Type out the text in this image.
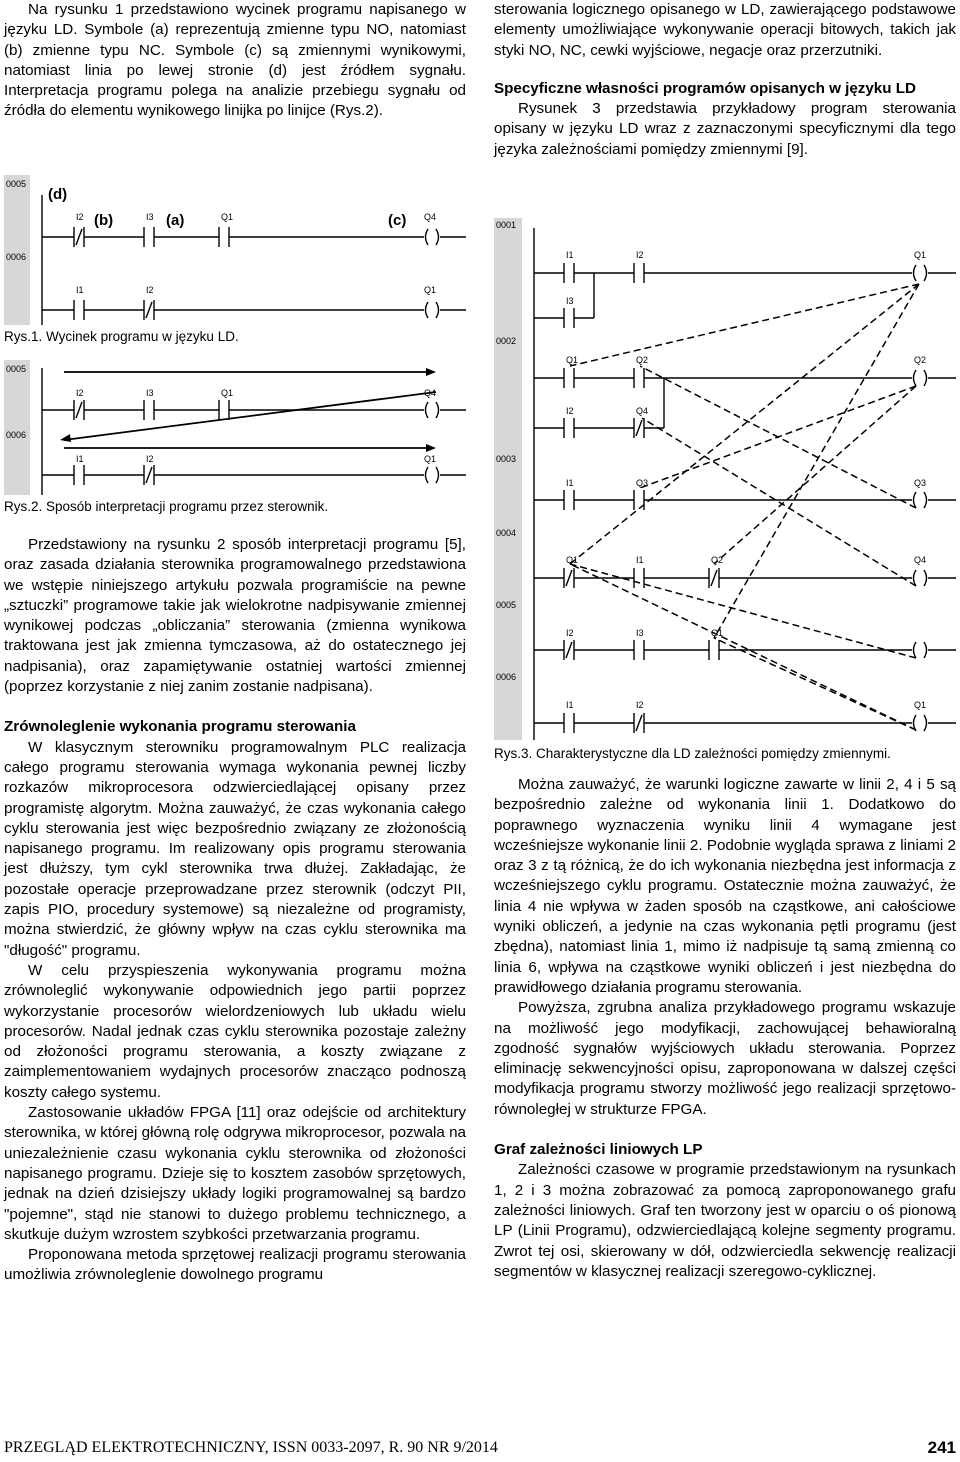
Na rysunku 1 przedstawiono wycinek programu napisanego w języku LD. Symbole (a) reprezentują zmienne typu NO, natomiast (b) zmienne typu NC. Symbole (c) są zmiennymi wynikowymi, natomiast linia po lewej stronie (d) jest źródłem sygnału. Interpretacja programu polega na analizie przebiegu sygnału od źródła do elementu wynikowego linijka po linijce (Rys.2).

0005
0006
I2	I3	Q1	Q4
I1	I2	Q1
(d)
(b)	(a)	(c)
Rys.1. Wycinek programu w języku LD.
0005
0006
I2	I3	Q1	Q4
I1	I2	Q1
Rys.2. Sposób interpretacji programu przez sterownik.

Przedstawiony na rysunku 2 sposób interpretacji programu [5], oraz zasada działania sterownika programowalnego przedstawiona we wstępie niniejszego artykułu pozwala programiście na pewne „sztuczki” programowe takie jak wielokrotne nadpisywanie zmiennej wynikowej podczas „obliczania” sterowania (zmienna wynikowa traktowana jest jak zmienna tymczasowa, aż do ostatecznego jej nadpisania), oraz zapamiętywanie ostatniej wartości zmiennej (poprzez korzystanie z niej zanim zostanie nadpisana).

Zrównoleglenie wykonania programu sterowania

W klasycznym sterowniku programowalnym PLC realizacja całego programu sterowania wymaga wykonania pewnej liczby rozkazów mikroprocesora odzwierciedlającej opisany przez programistę algorytm. Można zauważyć, że czas wykonania całego cyklu sterowania jest więc bezpośrednio związany ze złożonością napisanego programu. Im realizowany opis programu sterowania jest dłuższy, tym cykl sterownika trwa dłużej. Zakładając, że pozostałe operacje przeprowadzane przez sterownik (odczyt PII, zapis PIO, procedury systemowe) są niezależne od programisty, można stwierdzić, że główny wpływ na czas cyklu sterownika ma "długość" programu.

W celu przyspieszenia wykonywania programu można zrównoleglić wykonywanie odpowiednich jego partii poprzez wykorzystanie procesorów wielordzeniowych lub układu wielu procesorów. Nadal jednak czas cyklu sterownika pozostaje zależny od złożoności programu sterowania, a koszty związane z zaimplementowaniem wydajnych procesorów znacząco podnoszą koszty całego systemu.

Zastosowanie układów FPGA [11] oraz odejście od architektury sterownika, w której główną rolę odgrywa mikroprocesor, pozwala na uniezależnienie czasu wykonania cyklu sterownika od złożoności napisanego programu. Dzieje się to kosztem zasobów sprzętowych, jednak na dzień dzisiejszy układy logiki programowalnej są bardzo "pojemne", stąd nie stanowi to dużego problemu technicznego, a skutkuje dużym wzrostem szybkości przetwarzania programu.

Proponowana metoda sprzętowej realizacji programu sterowania umożliwia zrównoleglenie dowolnego programu

sterowania logicznego opisanego w LD, zawierającego podstawowe elementy umożliwiające wykonywanie operacji bitowych, takich jak styki NO, NC, cewki wyjściowe, negacje oraz przerzutniki.

Specyficzne własności programów opisanych w języku LD

Rysunek 3 przedstawia przykładowy program sterowania opisany w języku LD wraz z zaznaczonymi specyficznymi dla tego języka zależnościami pomiędzy zmiennymi [9].

0001
0002
0003
0004
0005
0006
I1	I2	Q1
I3
Q1	Q2	Q2
I2	Q4
I1	Q3	Q3
Q1	I1	Q2	Q4
I2	I3	Q1
I1	I2	Q1
Rys.3. Charakterystyczne dla LD zależności pomiędzy zmiennymi.

Można zauważyć, że warunki logiczne zawarte w linii 2, 4 i 5 są bezpośrednio zależne od wykonania linii 1. Dodatkowo do poprawnego wyznaczenia wyniku linii 4 wymagane jest wcześniejsze wykonanie linii 2. Podobnie wygląda sprawa z liniami 2 oraz 3 z tą różnicą, że do ich wykonania niezbędna jest informacja z wcześniejszego cyklu programu. Ostatecznie można zauważyć, że linia 4 nie wpływa w żaden sposób na cząstkowe, ani całościowe wyniki obliczeń, a jedynie na czas wykonania pętli programu (jest zbędna), natomiast linia 1, mimo iż nadpisuje tą samą zmienną co linia 6, wpływa na cząstkowe wyniki obliczeń i jest niezbędna do prawidłowego działania programu sterowania.

Powyższa, zgrubna analiza przykładowego programu wskazuje na możliwość jego modyfikacji, zachowującej behawioralną zgodność sygnałów wyjściowych układu sterowania. Poprzez eliminację sekwencyjności opisu, zaproponowana w dalszej części modyfikacja programu stworzy możliwość jego realizacji sprzętowo-równoległej w strukturze FPGA.

Graf zależności liniowych LP

Zależności czasowe w programie przedstawionym na rysunkach 1, 2 i 3 można zobrazować za pomocą zaproponowanego grafu zależności liniowych. Graf ten tworzony jest w oparciu o oś pionową LP (Linii Programu), odzwierciedlającą kolejne segmenty programu. Zwrot tej osi, skierowany w dół, odzwierciedla sekwencję realizacji segmentów w klasycznej realizacji szeregowo-cyklicznej.

PRZEGLĄD ELEKTROTECHNICZNY, ISSN 0033-2097, R. 90 NR 9/2014	241
